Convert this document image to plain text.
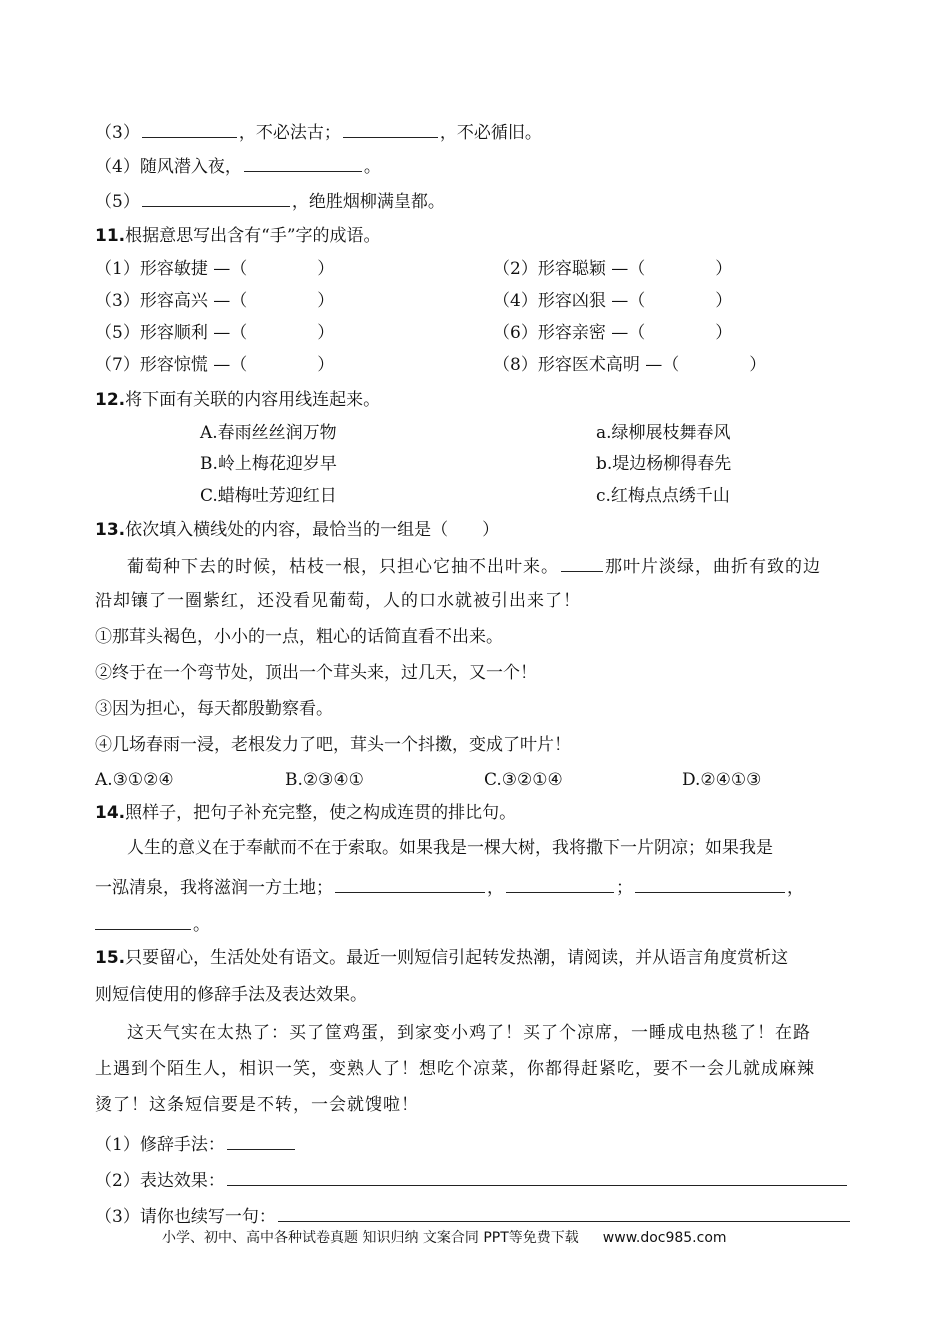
（3）	，不必法古；	，不必循旧。
（4）随风潜入夜，	。
（5）	，绝胜烟柳满皇都。
11.根据意思写出含有“手”字的成语。
（1）形容敏捷 —（	）	（2）形容聪颖 —（	）
（3）形容高兴 —（	）	（4）形容凶狠 —（	）
（5）形容顺利 —（	）	（6）形容亲密 —（	）
（7）形容惊慌 —（	）	（8）形容医术高明 —（	）
12.将下面有关联的内容用线连起来。
A.春雨丝丝润万物	a.绿柳展枝舞春风
B.岭上梅花迎岁早	b.堤边杨柳得春先
C.蜡梅吐芳迎红日	c.红梅点点绣千山
13.依次填入横线处的内容，最恰当的一组是（　　）
葡萄种下去的时候，枯枝一根，只担心它抽不出叶来。	那叶片淡绿，曲折有致的边
沿却镶了一圈紫红，还没看见葡萄，人的口水就被引出来了！
①那茸头褐色，小小的一点，粗心的话简直看不出来。
②终于在一个弯节处，顶出一个茸头来，过几天，又一个！
③因为担心，每天都殷勤察看。
④几场春雨一浸，老根发力了吧，茸头一个抖擞，变成了叶片！
A.③①②④	B.②③④①	C.③②①④	D.②④①③
14.照样子，把句子补充完整，使之构成连贯的排比句。
人生的意义在于奉献而不在于索取。如果我是一棵大树，我将撒下一片阴凉；如果我是
一泓清泉，我将滋润一方土地；	，	；	，
。
15.只要留心，生活处处有语文。最近一则短信引起转发热潮，请阅读，并从语言角度赏析这
则短信使用的修辞手法及表达效果。
这天气实在太热了：买了筐鸡蛋，到家变小鸡了！买了个凉席，一睡成电热毯了！在路
上遇到个陌生人，相识一笑，变熟人了！想吃个凉菜，你都得赶紧吃，要不一会儿就成麻辣
烫了！这条短信要是不转，一会就馊啦！
（1）修辞手法：
（2）表达效果：
（3）请你也续写一句：
小学、初中、高中各种试卷真题 知识归纳 文案合同 PPT等免费下载 www.doc985.com
